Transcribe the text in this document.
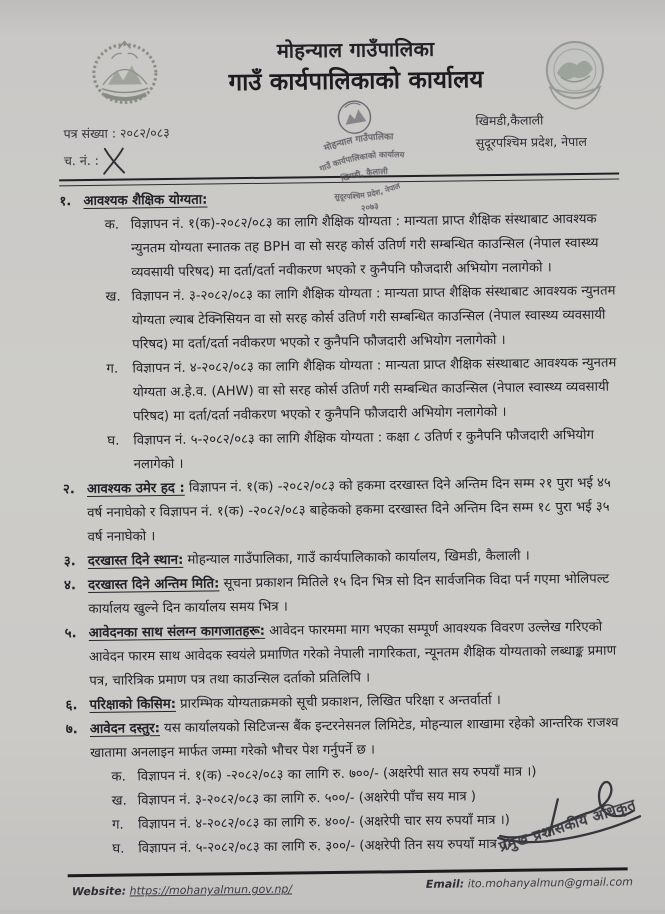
मोहन्याल गाउँपालिका
गाउँ कार्यपालिकाको कार्यालय
पत्र संख्या : २०८२/०८३
च. नं. :
खिमडी,कैलाली
सुदूरपश्चिम प्रदेश, नेपाल
मोहन्याल गाउँपालिका
गाउँ कार्यपालिकाको कार्यालय
खिमडी, कैलाली
सुदूरपश्चिम प्रदेश, नेपाल
२०७३
१. आवश्यक शैक्षिक योग्यता:
क. विज्ञापन नं. १(क)-२०८२/०८३ का लागि शैक्षिक योग्यता : मान्यता प्राप्त शैक्षिक संस्थाबाट आवश्यक न्युनतम योग्यता स्नातक तह BPH वा सो सरह कोर्स उतिर्ण गरी सम्बन्धित काउन्सिल (नेपाल स्वास्थ्य व्यवसायी परिषद) मा दर्ता/दर्ता नवीकरण भएको र कुनैपनि फौजदारी अभियोग नलागेको ।
ख. विज्ञापन नं. ३-२०८२/०८३ का लागि शैक्षिक योग्यता : मान्यता प्राप्त शैक्षिक संस्थाबाट आवश्यक न्युनतम योग्यता ल्याब टेक्निसियन वा सो सरह कोर्स उतिर्ण गरी सम्बन्धित काउन्सिल (नेपाल स्वास्थ्य व्यवसायी परिषद) मा दर्ता/दर्ता नवीकरण भएको र कुनैपनि फौजदारी अभियोग नलागेको ।
ग.	विज्ञापन नं. ४-२०८२/०८३ का लागि शैक्षिक योग्यता : मान्यता प्राप्त शैक्षिक संस्थाबाट आवश्यक न्युनतम योग्यता अ.हे.व. (AHW) वा सो सरह कोर्स उतिर्ण गरी सम्बन्धित काउन्सिल (नेपाल स्वास्थ्य व्यवसायी परिषद) मा दर्ता/दर्ता नवीकरण भएको र कुनैपनि फौजदारी अभियोग नलागेको ।
घ.	विज्ञापन नं. ५-२०८२/०८३ का लागि शैक्षिक योग्यता : कक्षा ८ उतिर्ण र कुनैपनि फौजदारी अभियोग नलागेको ।
२. आवश्यक उमेर हद : विज्ञापन नं. १(क) -२०८२/०८३ को हकमा दरखास्त दिने अन्तिम दिन सम्म २१ पुरा भई ४५ वर्ष ननाघेको र विज्ञापन नं. १(क) -२०८२/०८३ बाहेकको हकमा दरखास्त दिने अन्तिम दिन सम्म १८ पुरा भई ३५ वर्ष ननाघेको ।
३. दरखास्त दिने स्थान: मोहन्याल गाउँपालिका, गाउँ कार्यपालिकाको कार्यालय, खिमडी, कैलाली ।
४. दरखास्त दिने अन्तिम मिति: सूचना प्रकाशन मितिले १५ दिन भित्र सो दिन सार्वजनिक विदा पर्न गएमा भोलिपल्ट कार्यालय खुल्ने दिन कार्यालय समय भित्र ।
५. आवेदनका साथ संलग्न कागजातहरू: आवेदन फारममा माग भएका सम्पूर्ण आवश्यक विवरण उल्लेख गरिएको आवेदन फारम साथ आवेदक स्वयंले प्रमाणित गरेको नेपाली नागरिकता, न्यूनतम शैक्षिक योग्यताको लब्धाङ्क प्रमाण पत्र, चारित्रिक प्रमाण पत्र तथा काउन्सिल दर्ताको प्रतिलिपि ।
६. परिक्षाको किसिम: प्रारम्भिक योग्यताक्रमको सूची प्रकाशन, लिखित परिक्षा र अन्तर्वार्ता ।
७. आवेदन दस्तुर: यस कार्यालयको सिटिजन्स बैंक इन्टरनेसनल लिमिटेड, मोहन्याल शाखामा रहेको आन्तरिक राजश्व खातामा अनलाइन मार्फत जम्मा गरेको भौचर पेश गर्नुपर्ने छ ।
क. विज्ञापन नं. १(क) -२०८२/०८३ का लागि रु. ७००/- (अक्षरेपी सात सय रुपयाँ मात्र ।)
ख. विज्ञापन नं. ३-२०८२/०८३ का लागि रु. ५००/- (अक्षरेपी पाँच सय मात्र )
ग.	विज्ञापन नं. ४-२०८२/०८३ का लागि रु. ४००/- (अक्षरेपी चार सय रुपयाँ मात्र ।)
घ.	विज्ञापन नं. ५-२०८२/०८३ का लागि रु. ३००/- (अक्षरेपी तिन सय रुपयाँ मात्र ।)
प्रमुख प्रशासकीय अधिकृत
Website: https://mohanyalmun.gov.np/	Email: ito.mohanyalmun@gmail.com
